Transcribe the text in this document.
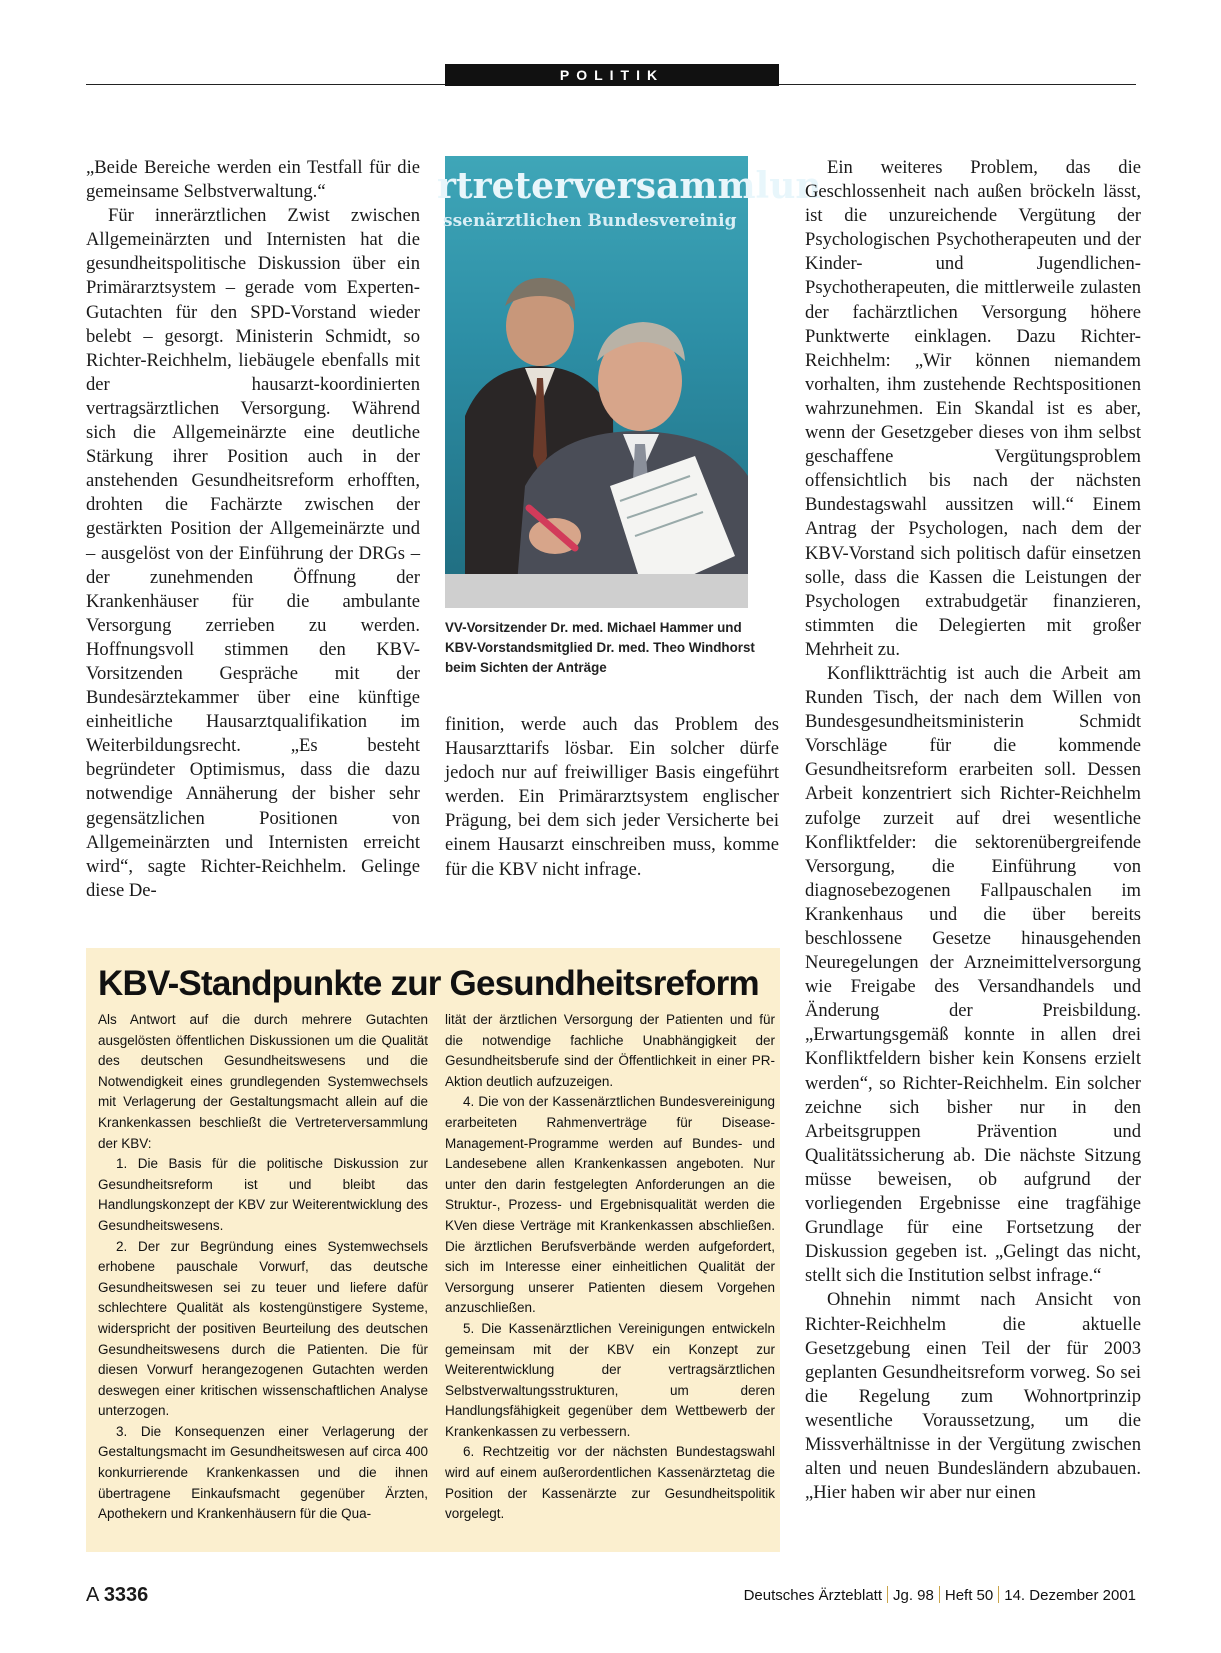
POLITIK

„Beide Bereiche werden ein Testfall für die gemeinsame Selbstverwaltung.“

Für innerärztlichen Zwist zwischen Allgemeinärzten und Internisten hat die gesundheitspolitische Diskussion über ein Primärarztsystem – gerade vom Experten-Gutachten für den SPD-Vorstand wieder belebt – gesorgt. Ministerin Schmidt, so Richter-Reichhelm, liebäugele ebenfalls mit der hausarzt-koordinierten vertragsärztlichen Versorgung. Während sich die Allgemeinärzte eine deutliche Stärkung ihrer Position auch in der anstehenden Gesundheitsreform erhofften, drohten die Fachärzte zwischen der gestärkten Position der Allgemeinärzte und – ausgelöst von der Einführung der DRGs – der zunehmenden Öffnung der Krankenhäuser für die ambulante Versorgung zerrieben zu werden. Hoffnungsvoll stimmen den KBV-Vorsitzenden Gespräche mit der Bundesärztekammer über eine künftige einheitliche Hausarztqualifikation im Weiterbildungsrecht. „Es besteht begründeter Optimismus, dass die dazu notwendige Annäherung der bisher sehr gegensätzlichen Positionen von Allgemeinärzten und Internisten erreicht wird“, sagte Richter-Reichhelm. Gelinge diese De-

rtreterversammlun
ssenärztlichen Bundesvereinig
VV-Vorsitzender Dr. med. Michael Hammer und KBV-Vorstandsmitglied Dr. med. Theo Windhorst beim Sichten der Anträge

finition, werde auch das Problem des Hausarzttarifs lösbar. Ein solcher dürfe jedoch nur auf freiwilliger Basis eingeführt werden. Ein Primärarztsystem englischer Prägung, bei dem sich jeder Versicherte bei einem Hausarzt einschreiben muss, komme für die KBV nicht infrage.

Ein weiteres Problem, das die Geschlossenheit nach außen bröckeln lässt, ist die unzureichende Vergütung der Psychologischen Psychotherapeuten und der Kinder- und Jugendlichen-Psychotherapeuten, die mittlerweile zulasten der fachärztlichen Versorgung höhere Punktwerte einklagen. Dazu Richter-Reichhelm: „Wir können niemandem vorhalten, ihm zustehende Rechtspositionen wahrzunehmen. Ein Skandal ist es aber, wenn der Gesetzgeber dieses von ihm selbst geschaffene Vergütungsproblem offensichtlich bis nach der nächsten Bundestagswahl aussitzen will.“ Einem Antrag der Psychologen, nach dem der KBV-Vorstand sich politisch dafür einsetzen solle, dass die Kassen die Leistungen der Psychologen extrabudgetär finanzieren, stimmten die Delegierten mit großer Mehrheit zu.

Konfliktträchtig ist auch die Arbeit am Runden Tisch, der nach dem Willen von Bundesgesundheitsministerin Schmidt Vorschläge für die kommende Gesundheitsreform erarbeiten soll. Dessen Arbeit konzentriert sich Richter-Reichhelm zufolge zurzeit auf drei wesentliche Konfliktfelder: die sektorenübergreifende Versorgung, die Einführung von diagnosebezogenen Fallpauschalen im Krankenhaus und die über bereits beschlossene Gesetze hinausgehenden Neuregelungen der Arzneimittelversorgung wie Freigabe des Versandhandels und Änderung der Preisbildung. „Erwartungsgemäß konnte in allen drei Konfliktfeldern bisher kein Konsens erzielt werden“, so Richter-Reichhelm. Ein solcher zeichne sich bisher nur in den Arbeitsgruppen Prävention und Qualitätssicherung ab. Die nächste Sitzung müsse beweisen, ob aufgrund der vorliegenden Ergebnisse eine tragfähige Grundlage für eine Fortsetzung der Diskussion gegeben ist. „Gelingt das nicht, stellt sich die Institution selbst infrage.“

Ohnehin nimmt nach Ansicht von Richter-Reichhelm die aktuelle Gesetzgebung einen Teil der für 2003 geplanten Gesundheitsreform vorweg. So sei die Regelung zum Wohnortprinzip wesentliche Voraussetzung, um die Missverhältnisse in der Vergütung zwischen alten und neuen Bundesländern abzubauen. „Hier haben wir aber nur einen

KBV-Standpunkte zur Gesundheitsreform

Als Antwort auf die durch mehrere Gutachten ausgelösten öffentlichen Diskussionen um die Qualität des deutschen Gesundheitswesens und die Notwendigkeit eines grundlegenden Systemwechsels mit Verlagerung der Gestaltungsmacht allein auf die Krankenkassen beschließt die Vertreterversammlung der KBV:

1. Die Basis für die politische Diskussion zur Gesundheitsreform ist und bleibt das Handlungskonzept der KBV zur Weiterentwicklung des Gesundheitswesens.

2. Der zur Begründung eines Systemwechsels erhobene pauschale Vorwurf, das deutsche Gesundheitswesen sei zu teuer und liefere dafür schlechtere Qualität als kostengünstigere Systeme, widerspricht der positiven Beurteilung des deutschen Gesundheitswesens durch die Patienten. Die für diesen Vorwurf herangezogenen Gutachten werden deswegen einer kritischen wissenschaftlichen Analyse unterzogen.

3. Die Konsequenzen einer Verlagerung der Gestaltungsmacht im Gesundheitswesen auf circa 400 konkurrierende Krankenkassen und die ihnen übertragene Einkaufsmacht gegenüber Ärzten, Apothekern und Krankenhäusern für die Qua-

lität der ärztlichen Versorgung der Patienten und für die notwendige fachliche Unabhängigkeit der Gesundheitsberufe sind der Öffentlichkeit in einer PR-Aktion deutlich aufzuzeigen.

4. Die von der Kassenärztlichen Bundesvereinigung erarbeiteten Rahmenverträge für Disease-Management-Programme werden auf Bundes- und Landesebene allen Krankenkassen angeboten. Nur unter den darin festgelegten Anforderungen an die Struktur-, Prozess- und Ergebnisqualität werden die KVen diese Verträge mit Krankenkassen abschließen. Die ärztlichen Berufsverbände werden aufgefordert, sich im Interesse einer einheitlichen Qualität der Versorgung unserer Patienten diesem Vorgehen anzuschließen.

5. Die Kassenärztlichen Vereinigungen entwickeln gemeinsam mit der KBV ein Konzept zur Weiterentwicklung der vertragsärztlichen Selbstverwaltungsstrukturen, um deren Handlungsfähigkeit gegenüber dem Wettbewerb der Krankenkassen zu verbessern.

6. Rechtzeitig vor der nächsten Bundestagswahl wird auf einem außerordentlichen Kassenärztetag die Position der Kassenärzte zur Gesundheitspolitik vorgelegt.

A 3336	Deutsches Ärzteblatt Jg. 98 Heft 50 14. Dezember 2001
